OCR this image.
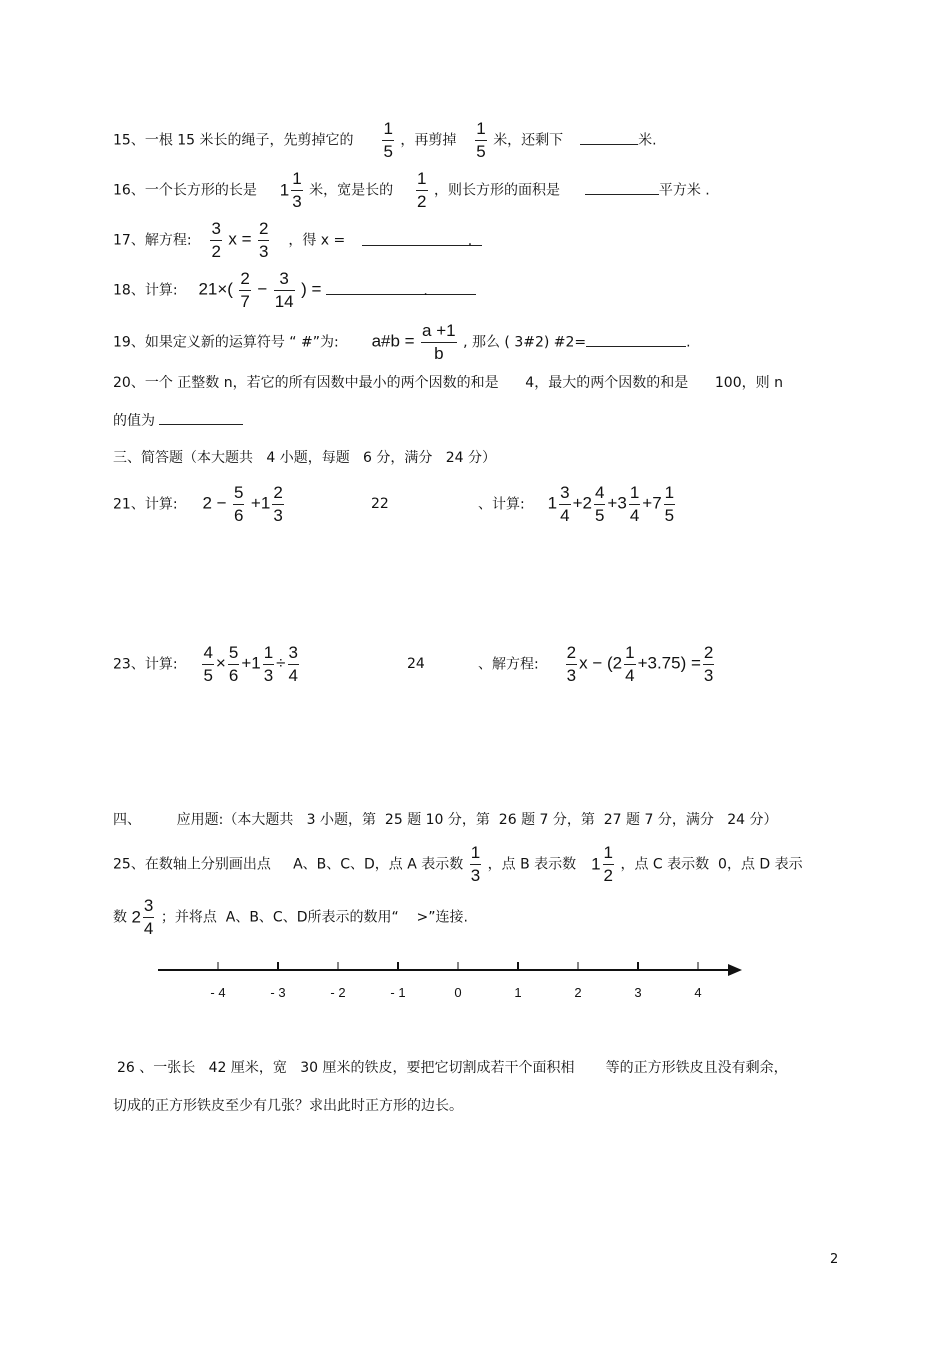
15、一根 15 米长的绳子，先剪掉它的 $\frac{1}{5}$ ，再剪掉 $\frac{1}{5}$ 米，还剩下	米.
16、一个长方形的长是 $1 \frac{1}{3}$ 米，宽是长的 $\frac{1}{2}$ ，则长方形的面积是	平方米 .
17、解方程: $\frac{3}{2}$ $x = \frac{2}{3}$ ，得 x =	.
18、计算: $21\times( \frac{2}{7} - \frac{3}{14}$ ) =	.
19、如果定义新的运算符号 “ #”为: a#b = $\frac{a +1}{b}$ , 那么 ( 3#2) #2=	.
20、一个 正整数 n，若它的所有因数中最小的两个因数的和是      4，最大的两个因数的和是      100，则 n
的值为
三、简答题（本大题共   4 小题，每题   6 分，满分   24 分）
21、计算: $2 - \frac{5}{6} +1 \frac{2}{3}$	22	、计算: $1 \frac{3}{4} +2 \frac{4}{5} +3 \frac{1}{4} +7 \frac{1}{5}$
23、计算: $\frac{4}{5} \times \frac{5}{6} +1 \frac{1}{3} \div \frac{3}{4}$	24	、解方程: $\frac{2}{3}$ $x - (2 \frac{1}{4} +3.75) = \frac{2}{3}$
四、        应用题:（本大题共   3 小题，第  25 题 10 分，第  26 题 7 分，第  27 题 7 分，满分   24 分）
25、在数轴上分别画出点     A、B、C、D，点 A 表示数 $\frac{1}{3}$ ，点 B 表示数 $1 \frac{1}{2}$ ，点 C 表示数  0，点 D 表示
数 $2 \frac{3}{4}$ ；并将点  A、B、C、D所表示的数用“    >”连接.
- 4	- 3	- 2	- 1	0	1	2	3	4
26 、一张长   42 厘米，宽   30 厘米的铁皮，要把它切割成若干个面积相       等的正方形铁皮且没有剩余，
切成的正方形铁皮至少有几张？求出此时正方形的边长。
2
